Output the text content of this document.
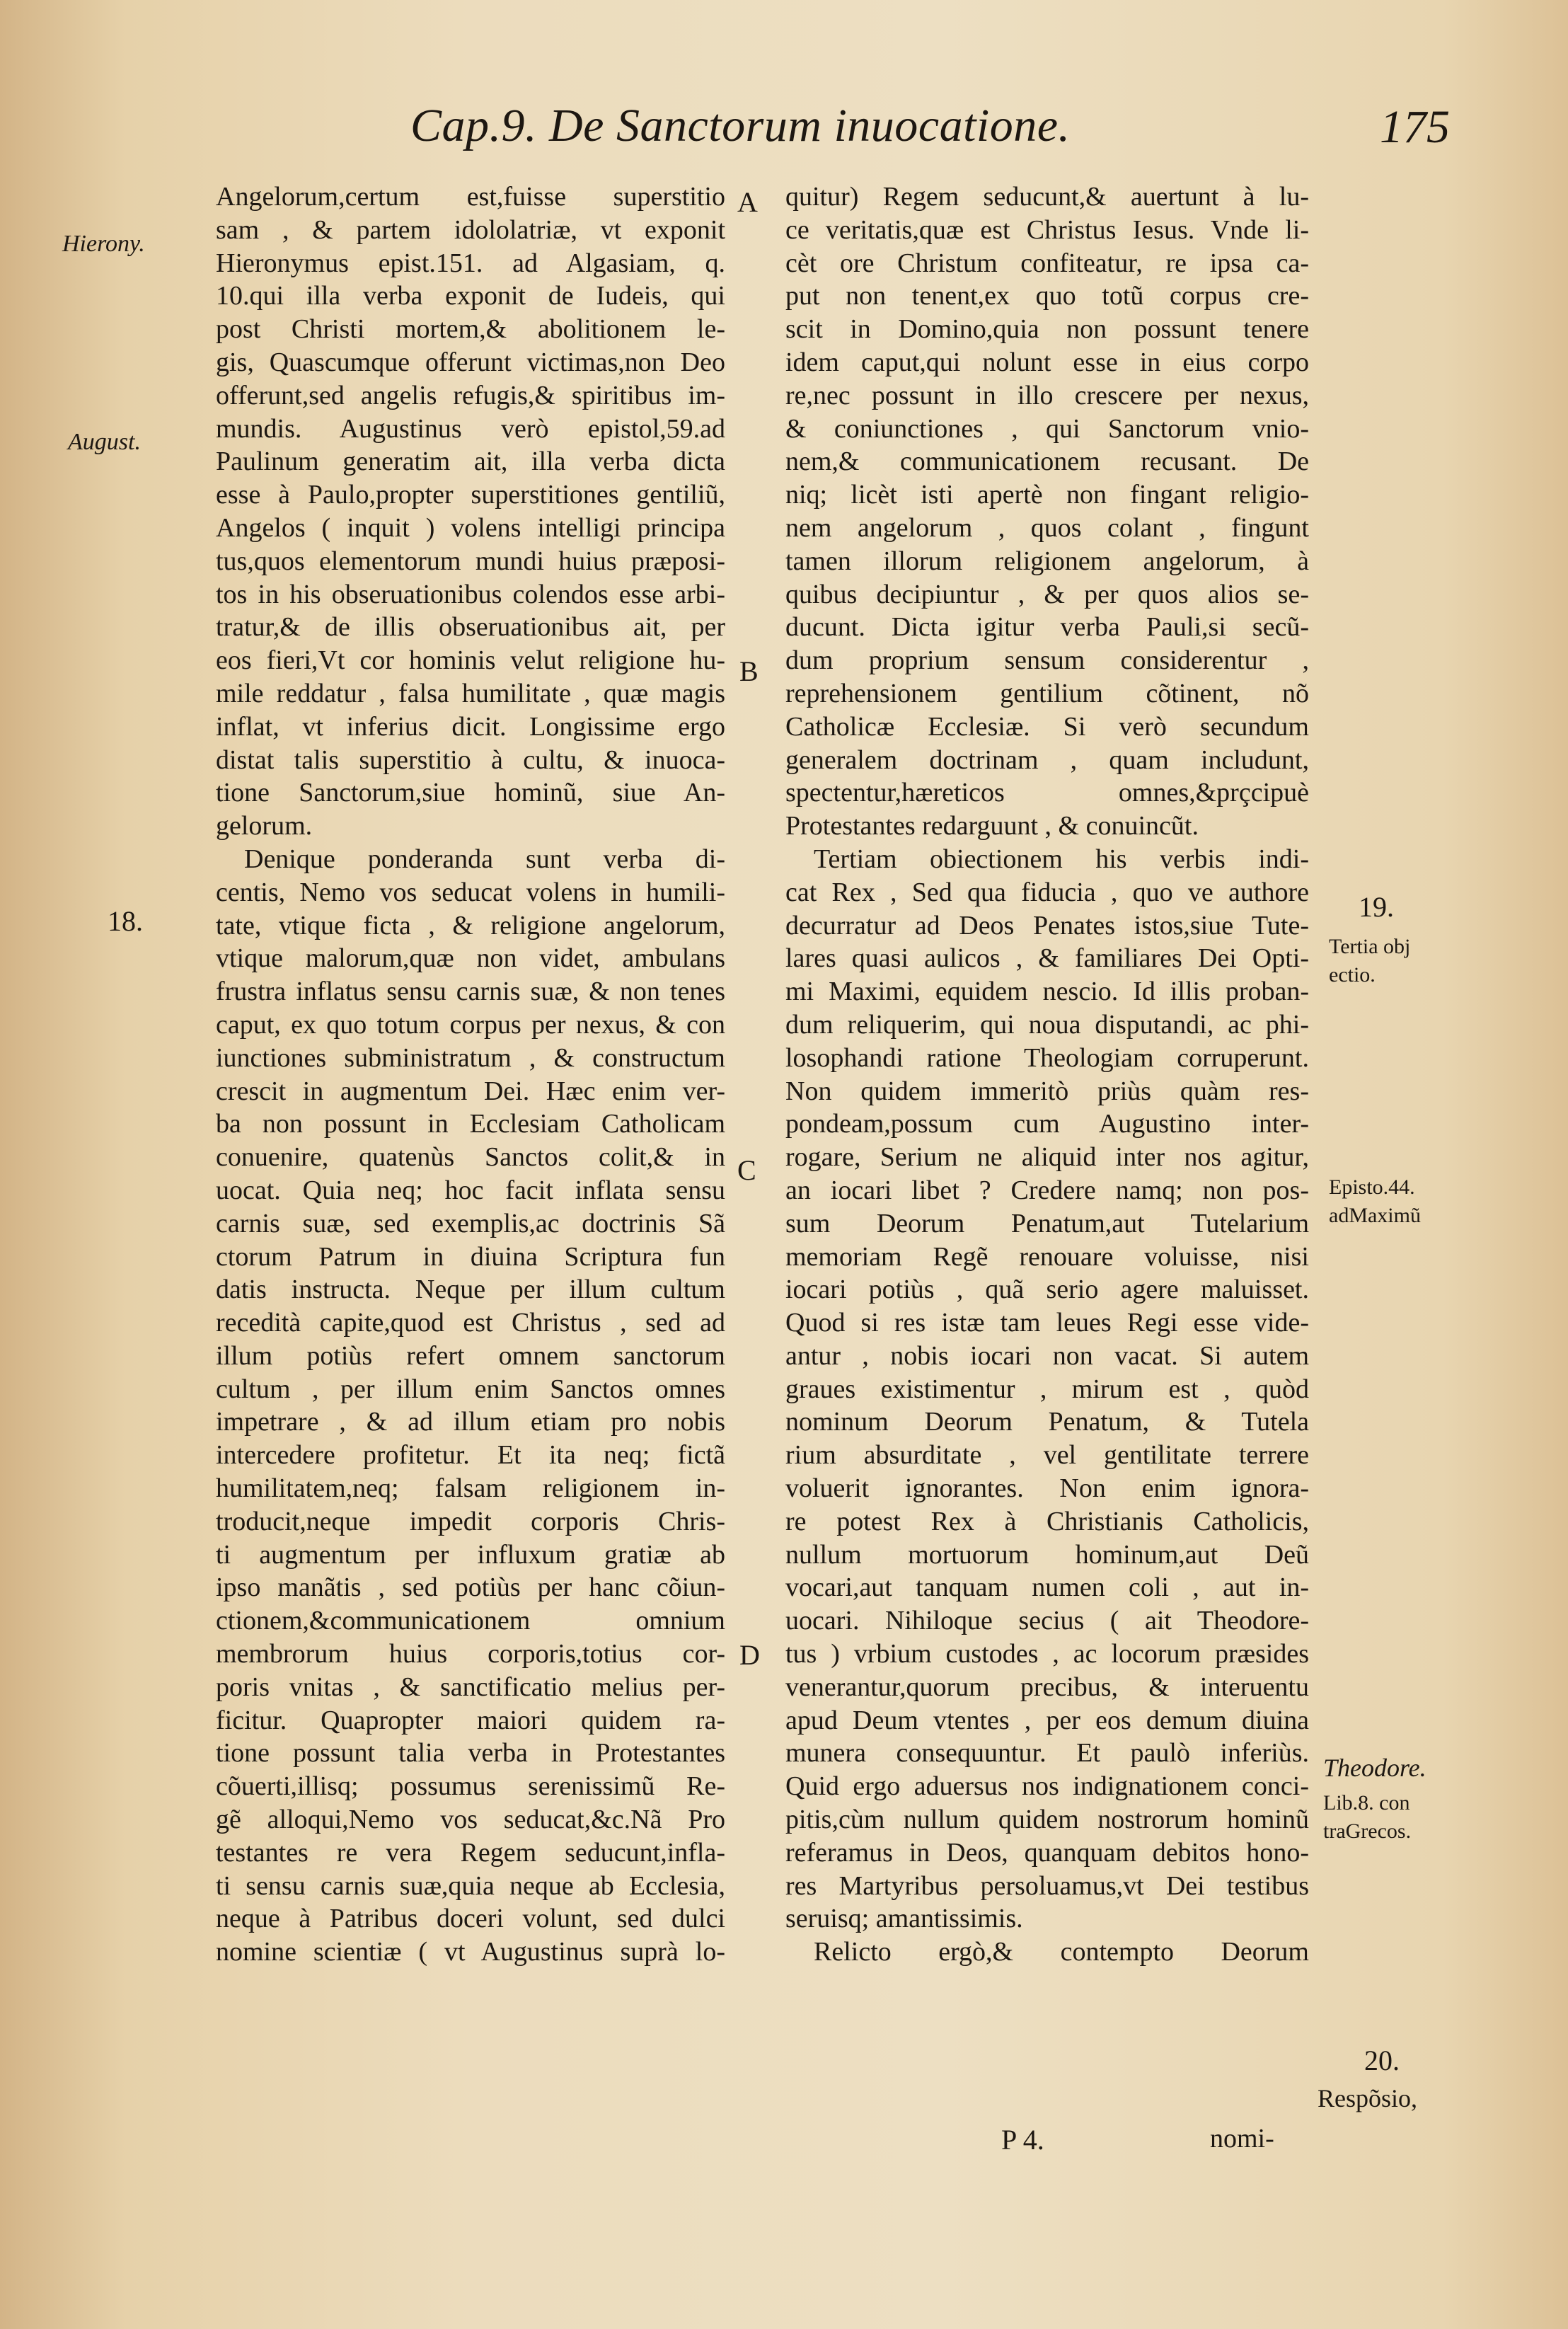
Cap.9. De Sanctorum inuocatione.	175
Hierony.
August.
18.
A
B
C
D
19.
Tertia obj ectio.
Episto.44. adMaximũ
Theodore.
Lib.8. con traGrecos.
20.
Respõsio,
Angelorum,certum est,fuisse superstitio
sam , & partem idololatriæ, vt exponit
Hieronymus epist.151. ad Algasiam, q.
10.qui illa verba exponit de Iudeis, qui
post Christi mortem,& abolitionem le-
gis, Quascumque offerunt victimas,non Deo
offerunt,sed angelis refugis,& spiritibus im-
mundis. Augustinus verò epistol,59.ad
Paulinum generatim ait, illa verba dicta
esse à Paulo,propter superstitiones gentiliũ,
Angelos ( inquit ) volens intelligi principa
tus,quos elementorum mundi huius præposi-
tos in his obseruationibus colendos esse arbi-
tratur,& de illis obseruationibus ait, per
eos fieri,Vt cor hominis velut religione hu-
mile reddatur , falsa humilitate , quæ magis
inflat, vt inferius dicit. Longissime ergo
distat talis superstitio à cultu, & inuoca-
tione Sanctorum,siue hominũ, siue An-
gelorum.
Denique ponderanda sunt verba di-
centis, Nemo vos seducat volens in humili-
tate, vtique ficta , & religione angelorum,
vtique malorum,quæ non videt, ambulans
frustra inflatus sensu carnis suæ, & non tenes
caput, ex quo totum corpus per nexus, & con
iunctiones subministratum , & constructum
crescit in augmentum Dei. Hæc enim ver-
ba non possunt in Ecclesiam Catholicam
conuenire, quatenùs Sanctos colit,& in
uocat. Quia neq; hoc facit inflata sensu
carnis suæ, sed exemplis,ac doctrinis Sã
ctorum Patrum in diuina Scriptura fun
datis instructa. Neque per illum cultum
recedità capite,quod est Christus , sed ad
illum potiùs refert omnem sanctorum
cultum , per illum enim Sanctos omnes
impetrare , & ad illum etiam pro nobis
intercedere profitetur. Et ita neq; fictã
humilitatem,neq; falsam religionem in-
troducit,neque impedit corporis Chris-
ti augmentum per influxum gratiæ ab
ipso manãtis , sed potiùs per hanc cõiun-
ctionem,&communicationem omnium
membrorum huius corporis,totius cor-
poris vnitas , & sanctificatio melius per-
ficitur. Quapropter maiori quidem ra-
tione possunt talia verba in Protestantes
cõuerti,illisq; possumus serenissimũ Re-
gẽ alloqui,Nemo vos seducat,&c.Nã Pro
testantes re vera Regem seducunt,infla-
ti sensu carnis suæ,quia neque ab Ecclesia,
neque à Patribus doceri volunt, sed dulci
nomine scientiæ ( vt Augustinus suprà lo-
quitur) Regem seducunt,& auertunt à lu-
ce veritatis,quæ est Christus Iesus. Vnde li-
cèt ore Christum confiteatur, re ipsa ca-
put non tenent,ex quo totũ corpus cre-
scit in Domino,quia non possunt tenere
idem caput,qui nolunt esse in eius corpo
re,nec possunt in illo crescere per nexus,
& coniunctiones , qui Sanctorum vnio-
nem,& communicationem recusant. De
niq; licèt isti apertè non fingant religio-
nem angelorum , quos colant , fingunt
tamen illorum religionem angelorum, à
quibus decipiuntur , & per quos alios se-
ducunt. Dicta igitur verba Pauli,si secũ-
dum proprium sensum considerentur ,
reprehensionem gentilium cõtinent, nõ
Catholicæ Ecclesiæ. Si verò secundum
generalem doctrinam , quam includunt,
spectentur,hæreticos omnes,&prçcipuè
Protestantes redarguunt , & conuincũt.
Tertiam obiectionem his verbis indi-
cat Rex , Sed qua fiducia , quo ve authore
decurratur ad Deos Penates istos,siue Tute-
lares quasi aulicos , & familiares Dei Opti-
mi Maximi, equidem nescio. Id illis proban-
dum reliquerim, qui noua disputandi, ac phi-
losophandi ratione Theologiam corruperunt.
Non quidem immeritò priùs quàm res-
pondeam,possum cum Augustino inter-
rogare, Serium ne aliquid inter nos agitur,
an iocari libet ? Credere namq; non pos-
sum Deorum Penatum,aut Tutelarium
memoriam Regẽ renouare voluisse, nisi
iocari potiùs , quã serio agere maluisset.
Quod si res istæ tam leues Regi esse vide-
antur , nobis iocari non vacat. Si autem
graues existimentur , mirum est , quòd
nominum Deorum Penatum, & Tutela
rium absurditate , vel gentilitate terrere
voluerit ignorantes. Non enim ignora-
re potest Rex à Christianis Catholicis,
nullum mortuorum hominum,aut Deũ
vocari,aut tanquam numen coli , aut in-
uocari. Nihiloque secius ( ait Theodore-
tus ) vrbium custodes , ac locorum præsides
venerantur,quorum precibus, & interuentu
apud Deum vtentes , per eos demum diuina
munera consequuntur. Et paulò inferiùs.
Quid ergo aduersus nos indignationem conci-
pitis,cùm nullum quidem nostrorum hominũ
referamus in Deos, quanquam debitos hono-
res Martyribus persoluamus,vt Dei testibus
seruisq; amantissimis.
Relicto ergò,& contempto Deorum
P 4.	nomi-
